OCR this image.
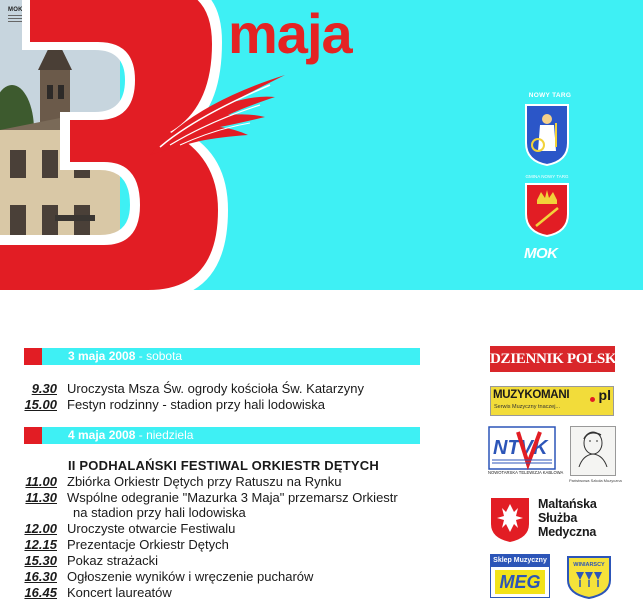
MOK	maja
NOWY TARG
GMINA NOWY TARG
MOK
3 maja 2008 - sobota
9.30 Uroczysta Msza Św. ogrody kościoła Św. Katarzyny
15.00 Festyn rodzinny - stadion przy hali lodowiskа
4 maja 2008 - niedziela
II PODHALAŃSKI FESTIWAL ORKIESTR DĘTYCH
11.00 Zbiórka Orkiestr Dętych przy Ratuszu na Rynku
11.30 Wspólne odegranie "Mazurka 3 Maja" przemarsz Orkiestr
na stadion przy hali lodowiska
12.00 Uroczyste otwarcie Festiwalu
12.15 Prezentacje Orkiestr Dętych
15.30 Pokaz strażacki
16.30 Ogłoszenie wyników i wręczenie pucharów
16.45 Koncert laureatów
DZIENNIK POLSKI
MUZYKOMANI pl
Serwis Muzyczny tnaczej...
NTVK
NOWOTARSKA TELEWIZJA KABLOWA
Państwowa Szkoła Muzyczna
Maltańska
Służba
Medyczna
Sklep Muzyczny
MEG
WINIARSCY
